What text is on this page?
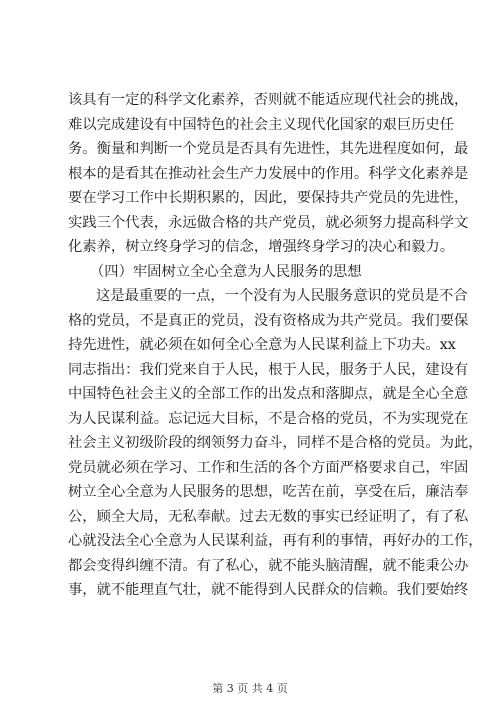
该具有一定的科学文化素养，否则就不能适应现代社会的挑战，
难以完成建设有中国特色的社会主义现代化国家的艰巨历史任
务。衡量和判断一个党员是否具有先进性，其先进程度如何，最
根本的是看其在推动社会生产力发展中的作用。科学文化素养是
要在学习工作中长期积累的，因此，要保持共产党员的先进性，
实践三个代表，永远做合格的共产党员，就必须努力提高科学文
化素养，树立终身学习的信念，增强终身学习的决心和毅力。
（四）牢固树立全心全意为人民服务的思想
这是最重要的一点，一个没有为人民服务意识的党员是不合
格的党员，不是真正的党员，没有资格成为共产党员。我们要保
持先进性，就必须在如何全心全意为人民谋利益上下功夫。xx
同志指出：我们党来自于人民，根于人民，服务于人民，建设有
中国特色社会主义的全部工作的出发点和落脚点，就是全心全意
为人民谋利益。忘记远大目标，不是合格的党员，不为实现党在
社会主义初级阶段的纲领努力奋斗，同样不是合格的党员。为此，
党员就必须在学习、工作和生活的各个方面严格要求自己，牢固
树立全心全意为人民服务的思想，吃苦在前，享受在后，廉洁奉
公，顾全大局，无私奉献。过去无数的事实已经证明了，有了私
心就没法全心全意为人民谋利益，再有利的事情，再好办的工作，
都会变得纠缠不清。有了私心，就不能头脑清醒，就不能秉公办
事，就不能理直气壮，就不能得到人民群众的信赖。我们要始终
第 3 页 共 4 页
